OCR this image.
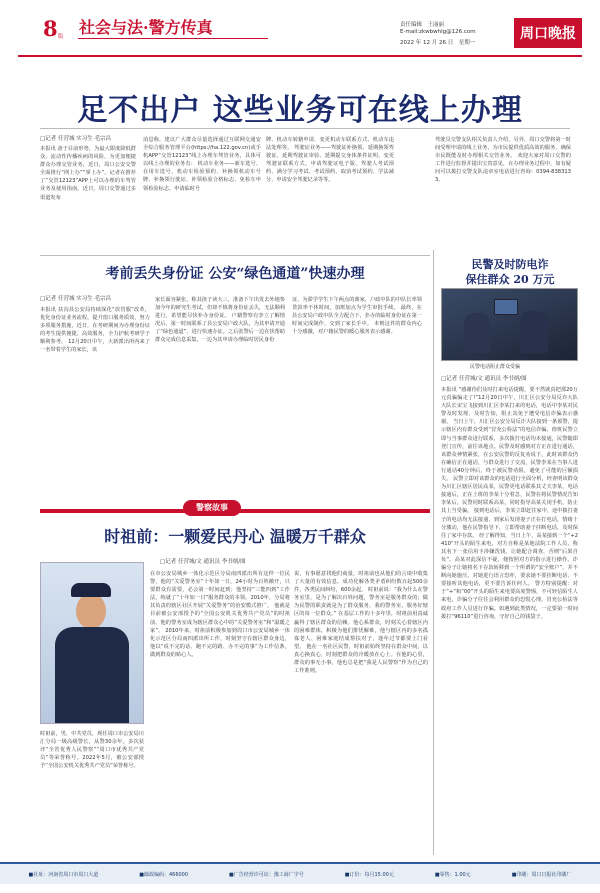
8 版 社会与法·警方传真	责任编辑　王丽丽
E-mail:zkwbwhlg@126.com
2022 年 12 月 26 日　星期一
周口晚报
足不出户 这些业务可在线上办理
□记者 任营城 实习生 毛宗昌
本报讯 备于目前形势，为最大限度降低群众、流动性传播疾病的风险，为更加便捷群众办理交管业务，近日，周口公安交警全面推行“网上办”“掌上办”，记者在推荐了“交管12123”APP上可以办理的车驾管业务及使用指南。近日，周口交警通过多渠道发布
消息称，建议广大群众尽量选择通过互联网交通安全综合服务管理平台(https://ha.122.gov.cn)或手机APP“交管12123”线上办理车驾管业务，具体可以线上办理的业务有： 机动车业务——新车选号、在用车选号、机动车检验预约、补换领机动车号牌、补换领行驶证、补领检验合格标志、免检车申领检验标志、申请临时号
牌、机动车转籍申请、变更机动车联系方式、机动车违法处理等。 驾驶证业务——驾驶证补换领、延期换领驾驶证、延期驾驶证审验、延期提交身体条件证明、变更驾驶证联系方式、申请驾驶证电子版、驾驶人考试预约、满分学习考试、考试预约、取消考试预约、学法减分、申请安全驾驶记录等等。
驾驶员交警支队相关负责人介绍，另外，周口交警将第一时间受理申请的线上业务，为市民提供优质高效的服务，确保市民既能及时办理相关交管业务。 欢迎大家对周口交警的工作进行监督并提出宝贵意见，在办理业务过程中，如有疑问可以拨打交警支队违章室电话进行咨询：0394-8383133。
考前丢失身份证 公安“绿色通道”快速办理
□记者 任营城 实习生 毛宗昌
本报讯 扶沟县公安局持续深化“放管服”改革，优化身份证业务流程，提升窗口服务质效，努力多项服务措施，近日，在考研期间为办理身份证的考生提供便捷、高效服务，全力护航考研学子顺利参考。 12月20日中午，大新派出所内来了一名带着学生的家长，该
家长面容紧张，称其孩子读大三，准备下午出发去外地参加今年的研究生考试，但却不慎将身份证丢失，无法顺利进行，希望能尽快补办身份证。 户籍警察有李立了解情况后，第一时间联系了县公安局户政大队，为其申请开通了“绿色通道”，进行快速办证。之后张警后一边在快帮助群众完成信息采集，一边为其申请办理临时居民身份
证，为滞学学生下午两点的离家，户政中队的中队长率领贷款率不休时间，加班加点为学生审批手续。 最终，在县公安局户政中队全力配合下，扑办的临时身份证在第一时间完成制作，交到了家长手中。 本则这件的群众内心十分感激，对户籍民警的暖心服务表示感谢。
民警及时防电诈
保住群众 20 万元
民警电话阻止群众受骗
□记者 任营城/文 通讯员 李书炳/图
本报讯 “感谢你们及时打来电话提醒，要不然就真把那20万元真骗骗走了!”12月20日中午，川汇区公安分局反诈大队大队长宋宝飞接到川汇区李某打来的电话，电话中李某对民警及时发现、及时告知，阻止其免于遭受电信诈骗表示感谢。 当日上午，川汇区公安分局反诈大队接到一条预警，提示辖区内有群众受到“冒充公检法”的电信诈骗。值班民警立即与当事群众进行联系，多次拨打电话均未接通，民警随即登门宣传，前往该地点。民警及时感到对方正在进行通话，该群众神情紧张，在公安民警的反复劝说下，此时该群众仍在确信正在通话，与群众进行了交流，民警李某在当事人进行通话40分钟后，终于被民警劝阻，避免了可能的巨额损失。 民警立即对该群众的电话进行全面分析，经查明该群众为川汇区辖区居民高某，民警更电话联系其丈夫李某，电话接通后，正在上班的李某十分着急，民警在将民警情况告知李某后，民警同时联系高某，同时指导高某关闭手机，防止其上当受骗。 接到电话后，李某立即赶往家中，途中拨打妻子的电话均无法接通，到家后发现妻子正在打电话，情绪十分激动，他在民警指导下，立即帮助妻子挂断电话，及时保住了家中存款。 经了解得知，当日上午，高某接到一个“+2410”开头的陌生来电，对方自称是某地法院工作人员，称其名下一张信用卡涉嫌洗钱，让她配合调查，否则“后果自负”。高某对此深信不疑，便按照对方的指示进行操作。诈骗分子让她将名下存款转移到一个所谓的“安全账户”，并不断向她施压，对她进行语言恐吓，要求她不要挂断电话、不要接听其他电话，更不要告诉任何人。 警方特别提醒：对于“+”和“00”开头的陌生来电要高度警惕，不可轻信陌生人来电，诈骗分子往往会利用群众的恐慌心理，冒充公检法等政府工作人员进行诈骗。如遇到此类情况，一定要第一时间拨打“96110”进行咨询，守好自己的钱袋子。
警察故事
时祖前：一颗爱民丹心 温暖万千群众
□记者 任营城/文 通讯员 李书炳/图
时祖前，男，中共党员，现任周口市公安局川汇分局一级高级警长，从警30余年。多次获评“全省优秀人民警察”“周口市优秀共产党员”等荣誉称号。2022年5月，被公安部授予“全国公安机关优秀共产党员”荣誉称号。
在市公安局城乡一体化示范区分局南四派出所有这样一位民警，他的“关爱警务室”十年如一日，24小时为百姓敞开，只要群众有需要，必会第一时间赶到；他坚持“三能四到”工作法，练就了“十年如一日”服务群众的本领。2010年，分局将其负责的辖区社区开展“关爱警务”的治安模式推广。 他就是目前被公安部授予的“全国公安机关优秀共产党员”的时祖前。他的警务室成为辖区群众心中的“关爱警务室”和“温暖之家”。 2010年来，时祖前积极参加到周口市公安局城乡一体化示范区分局南四派出所工作，时刻坚守在辖区群众身边，他以“说不完的话、跑不完的路、办不完的事”为工作信条，做到群众的贴心人。
说，有事愿意找他们商量，时祖前也从他们的言谈中收集了大量的有效信息，成功化解各类矛盾纠纷数百起500余件，各类民间纠纷，600余起。 时祖前说：“我为什么在警务室里，是为了解决百姓问题，警务室是服务群众的；做为民警的职责就是为了群众服务，我的警务室，服务好辖区的每一位群众。” 在基层工作的十多年里，时祖前用真诚赢得了辖区群众的信赖。他心系群众，时刻关心着辖区内的困难群体，积极为他们排忧解难，他与辖区内的多名孤寡老人、困难家庭结成帮扶对子，逢年过节都要上门看望。 他在一名社区民警，时祖前始终坚持在群众中间，以真心换真心，时刻把群众的冷暖放在心上。在他的心里，群众的事无小事，他也总是把“我是人民警察”作为自己的工作准则。
■社址：河南省周口市周口大道	■邮政编码：466000	■广告经营许可证：豫工商广字号	■订价：每月15.00元	■零售：1.00元	■印刷：周口日报社印刷厂
